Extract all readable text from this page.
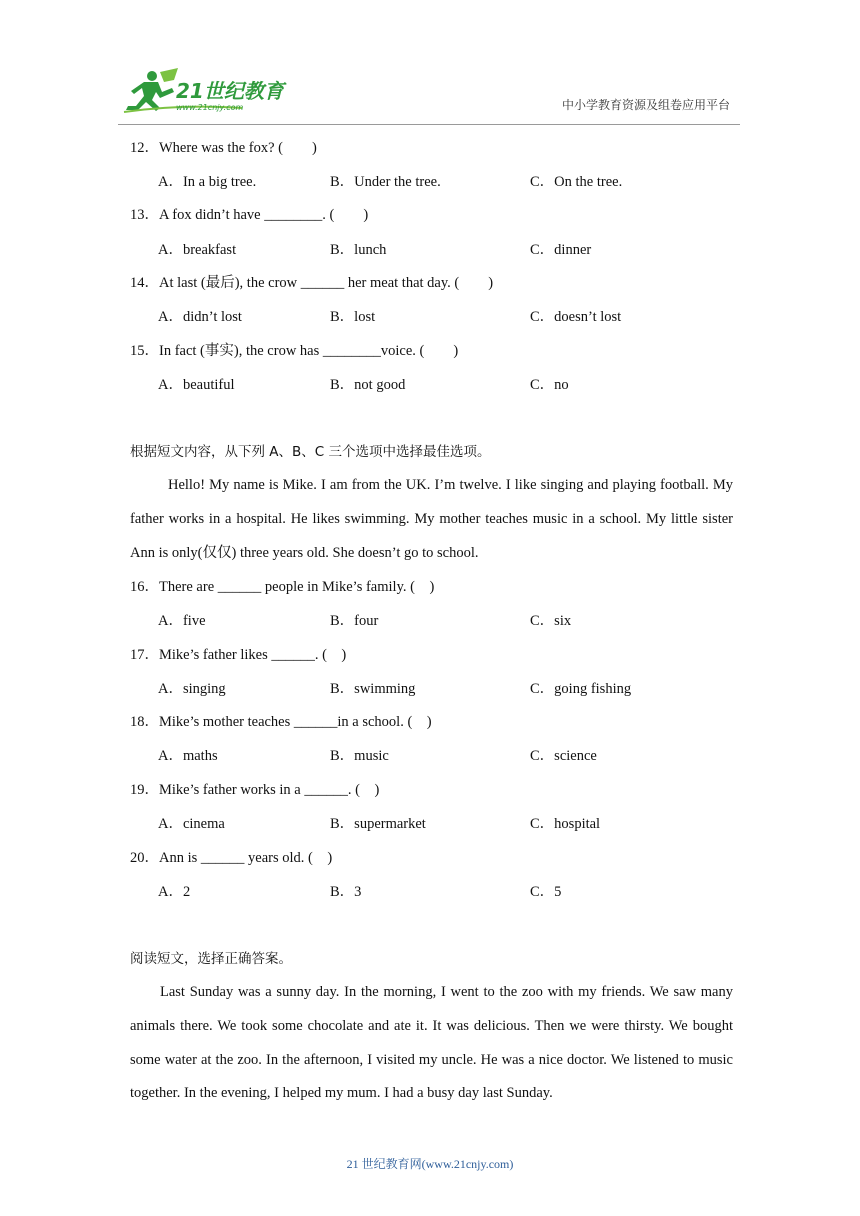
21世纪教育
www.21cnjy.com	中小学教育资源及组卷应用平台
12．Where was the fox? (　　)
A．In a big tree.	B．Under the tree.	C．On the tree.
13．A fox didn’t have ________. (　　)
A．breakfast	B．lunch	C．dinner
14．At last (最后), the crow ______ her meat that day. (　　)
A．didn’t lost	B．lost	C．doesn’t lost
15．In fact (事实), the crow has ________voice. (　　)
A．beautiful	B．not good	C．no
根据短文内容，从下列 A、B、C 三个选项中选择最佳选项。
Hello! My name is Mike. I am from the UK. I’m twelve. I like singing and playing football. My father works in a hospital. He likes swimming. My mother teaches music in a school. My little sister Ann is only(仅仅) three years old. She doesn’t go to school.
16．There are ______ people in Mike’s family. (　)
A．five	B．four	C．six
17．Mike’s father likes ______. (　)
A．singing	B．swimming	C．going fishing
18．Mike’s mother teaches ______in a school. (　)
A．maths	B．music	C．science
19．Mike’s father works in a ______. (　)
A．cinema	B．supermarket	C．hospital
20．Ann is ______ years old. (　)
A．2	B．3	C．5
阅读短文，选择正确答案。
Last Sunday was a sunny day. In the morning, I went to the zoo with my friends. We saw many animals there. We took some chocolate and ate it. It was delicious. Then we were thirsty. We bought some water at the zoo. In the afternoon, I visited my uncle. He was a nice doctor. We listened to music together. In the evening, I helped my mum. I had a busy day last Sunday.
21 世纪教育网(www.21cnjy.com)
